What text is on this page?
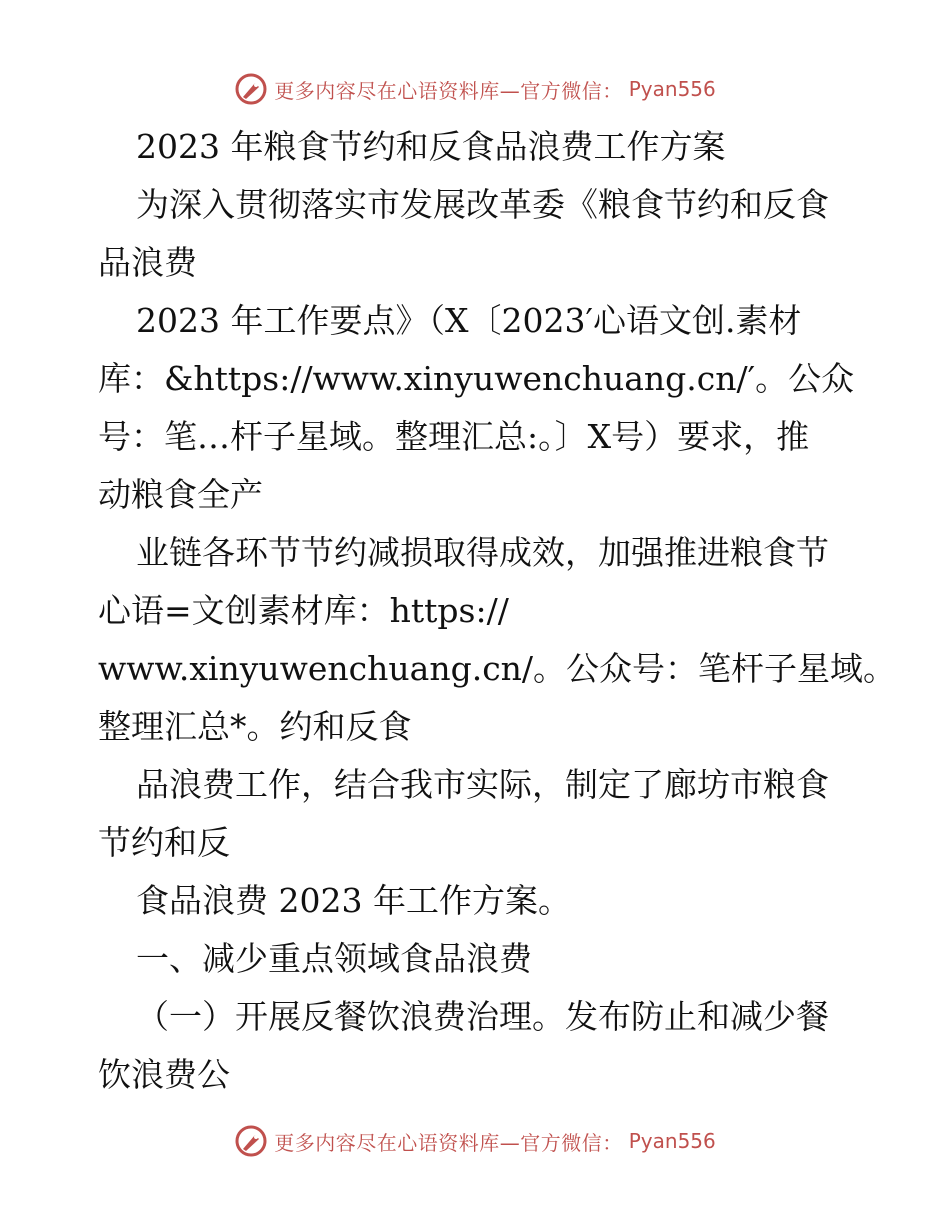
更多内容尽在心语资料库—官方微信： Pyan556
2023 年粮食节约和反食品浪费工作方案
为深入贯彻落实市发展改革委《粮食节约和反食
品浪费
2023 年工作要点》（X〔2023′心语文创.素材
库：&https://www.xinyuwenchuang.cn/′。公众
号：笔…杆子星域。整理汇总:。〕X号）要求，推
动粮食全产
业链各环节节约减损取得成效，加强推进粮食节
心语=文创素材库：https://
www.xinyuwenchuang.cn/。公众号：笔杆子星域。
整理汇总*。约和反食
品浪费工作，结合我市实际，制定了廊坊市粮食
节约和反
食品浪费 2023 年工作方案。
一、减少重点领域食品浪费
（一）开展反餐饮浪费治理。发布防止和减少餐
饮浪费公
更多内容尽在心语资料库—官方微信： Pyan556
